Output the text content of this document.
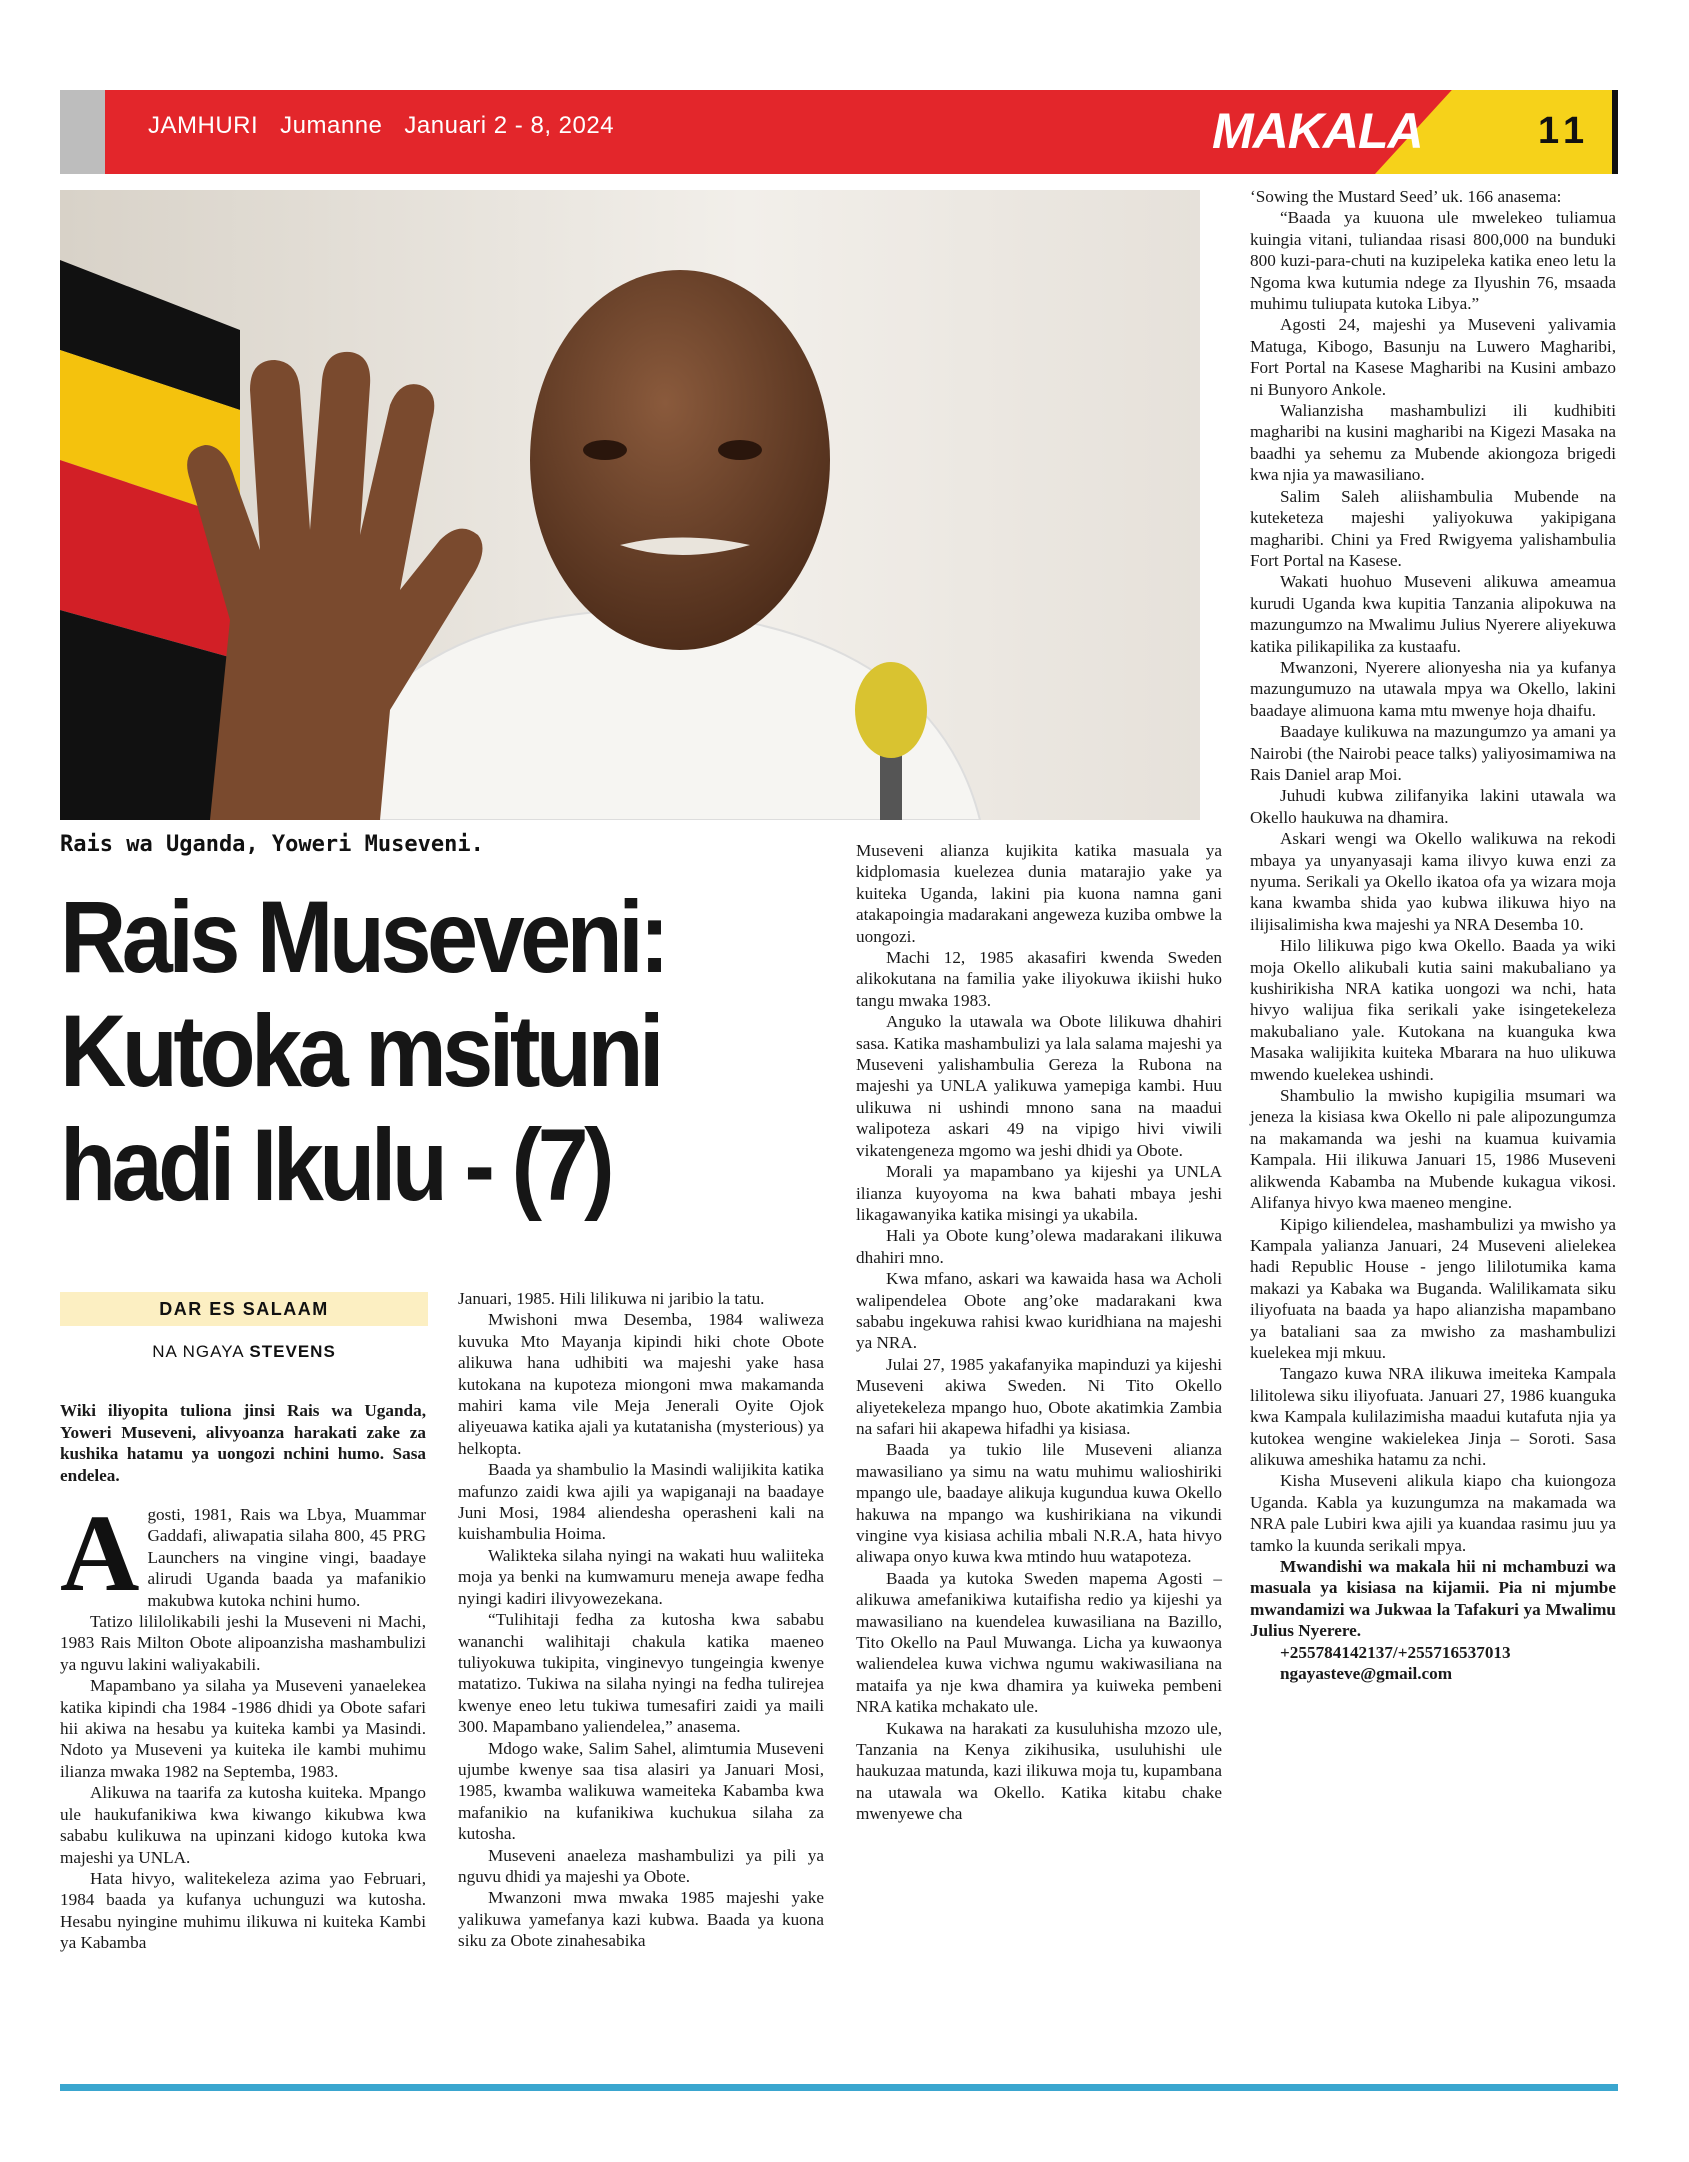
JAMHURI Jumanne Januari 2 - 8, 2024	MAKALA	11
Rais wa Uganda, Yoweri Museveni.
Rais Museveni:
Kutoka msituni
hadi Ikulu - (7)
DAR ES SALAAM
NA NGAYA STEVENS

Wiki iliyopita tuliona jinsi Rais wa Uganda, Yoweri Museveni, alivyoanza harakati zake za kushika hatamu ya uongozi nchini humo. Sasa endelea.

Agosti, 1981, Rais wa Lbya, Muammar Gaddafi, aliwapatia silaha 800, 45 PRG Launchers na vingine vingi, baadaye alirudi Uganda baada ya mafanikio makubwa kutoka nchini humo.

Tatizo lililolikabili jeshi la Museveni ni Machi, 1983 Rais Milton Obote alipoanzisha mashambulizi ya nguvu lakini waliyakabili.

Mapambano ya silaha ya Museveni yanaelekea katika kipindi cha 1984 -1986 dhidi ya Obote safari hii akiwa na hesabu ya kuiteka kambi ya Masindi. Ndoto ya Museveni ya kuiteka ile kambi muhimu ilianza mwaka 1982 na Septemba, 1983.

Alikuwa na taarifa za kutosha kuiteka. Mpango ule haukufanikiwa kwa kiwango kikubwa kwa sababu kulikuwa na upinzani kidogo kutoka kwa majeshi ya UNLA.

Hata hivyo, walitekeleza azima yao Februari, 1984 baada ya kufanya uchunguzi wa kutosha. Hesabu nyingine muhimu ilikuwa ni kuiteka Kambi ya Kabamba

Januari, 1985. Hili lilikuwa ni jaribio la tatu.

Mwishoni mwa Desemba, 1984 waliweza kuvuka Mto Mayanja kipindi hiki chote Obote alikuwa hana udhibiti wa majeshi yake hasa kutokana na kupoteza miongoni mwa makamanda mahiri kama vile Meja Jenerali Oyite Ojok aliyeuawa katika ajali ya kutatanisha (mysterious) ya helkopta.

Baada ya shambulio la Masindi walijikita katika mafunzo zaidi kwa ajili ya wapiganaji na baadaye Juni Mosi, 1984 aliendesha operasheni kali na kuishambulia Hoima.

Walikteka silaha nyingi na wakati huu waliiteka moja ya benki na kumwamuru meneja awape fedha nyingi kadiri ilivyowezekana.

“Tulihitaji fedha za kutosha kwa sababu wananchi walihitaji chakula katika maeneo tuliyokuwa tukipita, vinginevyo tungeingia kwenye matatizo. Tukiwa na silaha nyingi na fedha tulirejea kwenye eneo letu tukiwa tumesafiri zaidi ya maili 300. Mapambano yaliendelea,” anasema.

Mdogo wake, Salim Sahel, alimtumia Museveni ujumbe kwenye saa tisa alasiri ya Januari Mosi, 1985, kwamba walikuwa wameiteka Kabamba kwa mafanikio na kufanikiwa kuchukua silaha za kutosha.

Museveni anaeleza mashambulizi ya pili ya nguvu dhidi ya majeshi ya Obote.

Mwanzoni mwa mwaka 1985 majeshi yake yalikuwa yamefanya kazi kubwa. Baada ya kuona siku za Obote zinahesabika

Museveni alianza kujikita katika masuala ya kidplomasia kuelezea dunia matarajio yake ya kuiteka Uganda, lakini pia kuona namna gani atakapoingia madarakani angeweza kuziba ombwe la uongozi.

Machi 12, 1985 akasafiri kwenda Sweden alikokutana na familia yake iliyokuwa ikiishi huko tangu mwaka 1983.

Anguko la utawala wa Obote lilikuwa dhahiri sasa. Katika mashambulizi ya lala salama majeshi ya Museveni yalishambulia Gereza la Rubona na majeshi ya UNLA yalikuwa yamepiga kambi. Huu ulikuwa ni ushindi mnono sana na maadui walipoteza askari 49 na vipigo hivi viwili vikatengeneza mgomo wa jeshi dhidi ya Obote.

Morali ya mapambano ya kijeshi ya UNLA ilianza kuyoyoma na kwa bahati mbaya jeshi likagawanyika katika misingi ya ukabila.

Hali ya Obote kung’olewa madarakani ilikuwa dhahiri mno.

Kwa mfano, askari wa kawaida hasa wa Acholi walipendelea Obote ang’oke madarakani kwa sababu ingekuwa rahisi kwao kuridhiana na majeshi ya NRA.

Julai 27, 1985 yakafanyika mapinduzi ya kijeshi Museveni akiwa Sweden. Ni Tito Okello aliyetekeleza mpango huo, Obote akatimkia Zambia na safari hii akapewa hifadhi ya kisiasa.

Baada ya tukio lile Museveni alianza mawasiliano ya simu na watu muhimu walioshiriki mpango ule, baadaye alikuja kugundua kuwa Okello hakuwa na mpango wa kushirikiana na vikundi vingine vya kisiasa achilia mbali N.R.A, hata hivyo aliwapa onyo kuwa kwa mtindo huu watapoteza.

Baada ya kutoka Sweden mapema Agosti – alikuwa amefanikiwa kutaifisha redio ya kijeshi ya mawasiliano na kuendelea kuwasiliana na Bazillo, Tito Okello na Paul Muwanga. Licha ya kuwaonya waliendelea kuwa vichwa ngumu wakiwasiliana na mataifa ya nje kwa dhamira ya kuiweka pembeni NRA katika mchakato ule.

Kukawa na harakati za kusuluhisha mzozo ule, Tanzania na Kenya zikihusika, usuluhishi ule haukuzaa matunda, kazi ilikuwa moja tu, kupambana na utawala wa Okello. Katika kitabu chake mwenyewe cha

‘Sowing the Mustard Seed’ uk. 166 anasema:

“Baada ya kuuona ule mwelekeo tuliamua kuingia vitani, tuliandaa risasi 800,000 na bunduki 800 kuzi-para-chuti na kuzipeleka katika eneo letu la Ngoma kwa kutumia ndege za Ilyushin 76, msaada muhimu tuliupata kutoka Libya.”

Agosti 24, majeshi ya Museveni yalivamia Matuga, Kibogo, Basunju na Luwero Magharibi, Fort Portal na Kasese Magharibi na Kusini ambazo ni Bunyoro Ankole.

Walianzisha mashambulizi ili kudhibiti magharibi na kusini magharibi na Kigezi Masaka na baadhi ya sehemu za Mubende akiongoza brigedi kwa njia ya mawasiliano.

Salim Saleh aliishambulia Mubende na kuteketeza majeshi yaliyokuwa yakipigana magharibi. Chini ya Fred Rwigyema yalishambulia Fort Portal na Kasese.

Wakati huohuo Museveni alikuwa ameamua kurudi Uganda kwa kupitia Tanzania alipokuwa na mazungumzo na Mwalimu Julius Nyerere aliyekuwa katika pilikapilika za kustaafu.

Mwanzoni, Nyerere alionyesha nia ya kufanya mazungumuzo na utawala mpya wa Okello, lakini baadaye alimuona kama mtu mwenye hoja dhaifu.

Baadaye kulikuwa na mazungumzo ya amani ya Nairobi (the Nairobi peace talks) yaliyosimamiwa na Rais Daniel arap Moi.

Juhudi kubwa zilifanyika lakini utawala wa Okello haukuwa na dhamira.

Askari wengi wa Okello walikuwa na rekodi mbaya ya unyanyasaji kama ilivyo kuwa enzi za nyuma. Serikali ya Okello ikatoa ofa ya wizara moja kana kwamba shida yao kubwa ilikuwa hiyo na ilijisalimisha kwa majeshi ya NRA Desemba 10.

Hilo lilikuwa pigo kwa Okello. Baada ya wiki moja Okello alikubali kutia saini makubaliano ya kushirikisha NRA katika uongozi wa nchi, hata hivyo walijua fika serikali yake isingetekeleza makubaliano yale. Kutokana na kuanguka kwa Masaka walijikita kuiteka Mbarara na huo ulikuwa mwendo kuelekea ushindi.

Shambulio la mwisho kupigilia msumari wa jeneza la kisiasa kwa Okello ni pale alipozungumza na makamanda wa jeshi na kuamua kuivamia Kampala. Hii ilikuwa Januari 15, 1986 Museveni alikwenda Kabamba na Mubende kukagua vikosi. Alifanya hivyo kwa maeneo mengine.

Kipigo kiliendelea, mashambulizi ya mwisho ya Kampala yalianza Januari, 24 Museveni alielekea hadi Republic House - jengo lililotumika kama makazi ya Kabaka wa Buganda. Walilikamata siku iliyofuata na baada ya hapo alianzisha mapambano ya bataliani saa za mwisho za mashambulizi kuelekea mji mkuu.

Tangazo kuwa NRA ilikuwa imeiteka Kampala lilitolewa siku iliyofuata. Januari 27, 1986 kuanguka kwa Kampala kulilazimisha maadui kutafuta njia ya kutokea wengine wakielekea Jinja – Soroti. Sasa alikuwa ameshika hatamu za nchi.

Kisha Museveni alikula kiapo cha kuiongoza Uganda. Kabla ya kuzungumza na makamada wa NRA pale Lubiri kwa ajili ya kuandaa rasimu juu ya tamko la kuunda serikali mpya.

Mwandishi wa makala hii ni mchambuzi wa masuala ya kisiasa na kijamii. Pia ni mjumbe mwandamizi wa Jukwaa la Tafakuri ya Mwalimu Julius Nyerere.

+255784142137/+255716537013

ngayasteve@gmail.com
